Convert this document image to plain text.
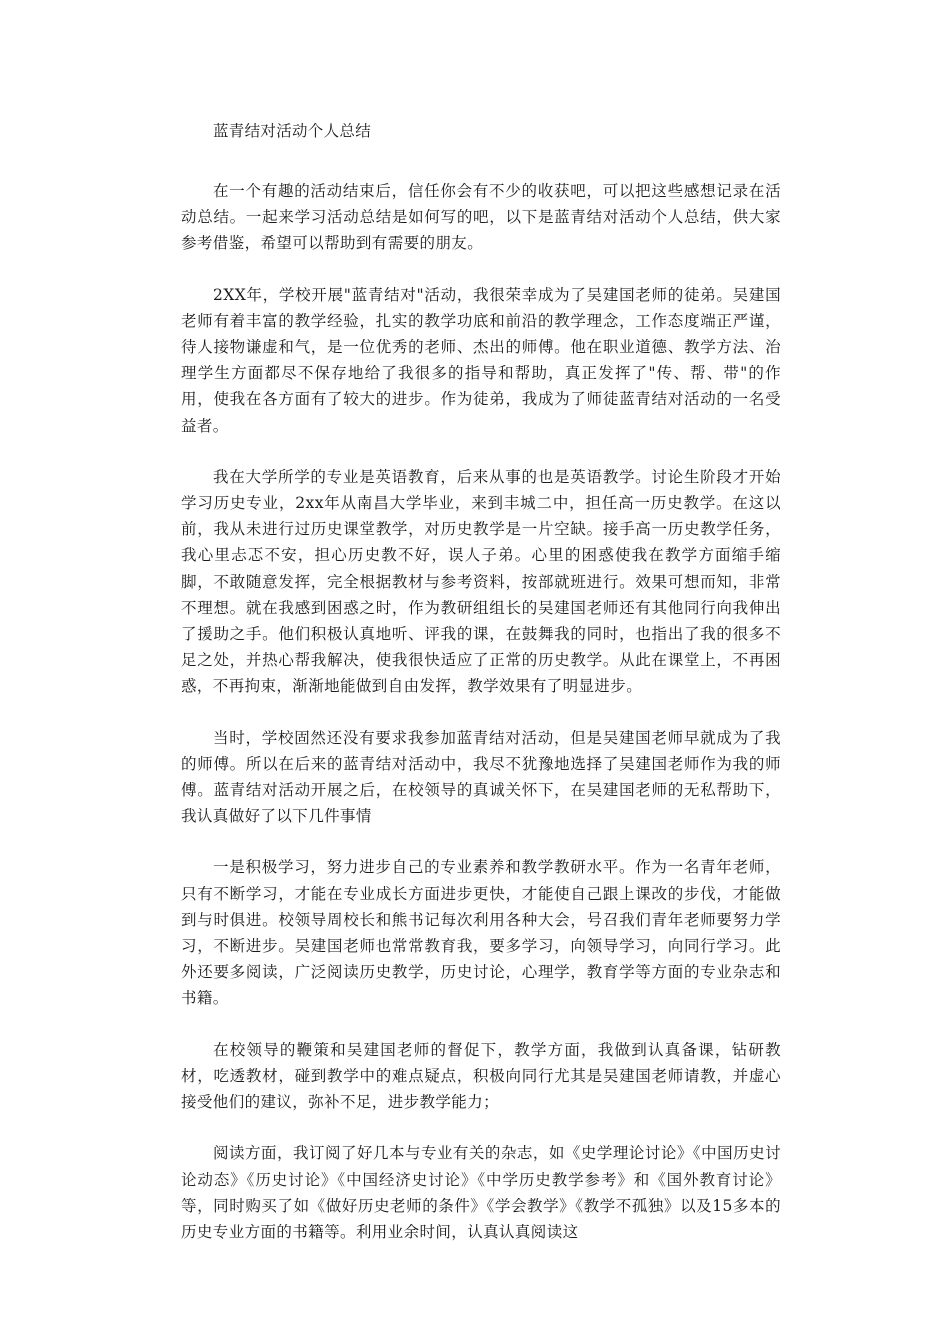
蓝青结对活动个人总结

在一个有趣的活动结束后，信任你会有不少的收获吧，可以把这些感想记录在活动总结。一起来学习活动总结是如何写的吧，以下是蓝青结对活动个人总结，供大家参考借鉴，希望可以帮助到有需要的朋友。

2XX年，学校开展"蓝青结对"活动，我很荣幸成为了吴建国老师的徒弟。吴建国老师有着丰富的教学经验，扎实的教学功底和前沿的教学理念，工作态度端正严谨，待人接物谦虚和气，是一位优秀的老师、杰出的师傅。他在职业道德、教学方法、治理学生方面都尽不保存地给了我很多的指导和帮助，真正发挥了"传、帮、带"的作用，使我在各方面有了较大的进步。作为徒弟，我成为了师徒蓝青结对活动的一名受益者。

我在大学所学的专业是英语教育，后来从事的也是英语教学。讨论生阶段才开始学习历史专业，2xx年从南昌大学毕业，来到丰城二中，担任高一历史教学。在这以前，我从未进行过历史课堂教学，对历史教学是一片空缺。接手高一历史教学任务，我心里忐忑不安，担心历史教不好，误人子弟。心里的困惑使我在教学方面缩手缩脚，不敢随意发挥，完全根据教材与参考资料，按部就班进行。效果可想而知，非常不理想。就在我感到困惑之时，作为教研组组长的吴建国老师还有其他同行向我伸出了援助之手。他们积极认真地听、评我的课，在鼓舞我的同时，也指出了我的很多不足之处，并热心帮我解决，使我很快适应了正常的历史教学。从此在课堂上，不再困惑，不再拘束，渐渐地能做到自由发挥，教学效果有了明显进步。

当时，学校固然还没有要求我参加蓝青结对活动，但是吴建国老师早就成为了我的师傅。所以在后来的蓝青结对活动中，我尽不犹豫地选择了吴建国老师作为我的师傅。蓝青结对活动开展之后，在校领导的真诚关怀下，在吴建国老师的无私帮助下，我认真做好了以下几件事情

一是积极学习，努力进步自己的专业素养和教学教研水平。作为一名青年老师，只有不断学习，才能在专业成长方面进步更快，才能使自己跟上课改的步伐，才能做到与时俱进。校领导周校长和熊书记每次利用各种大会，号召我们青年老师要努力学习，不断进步。吴建国老师也常常教育我，要多学习，向领导学习，向同行学习。此外还要多阅读，广泛阅读历史教学，历史讨论，心理学，教育学等方面的专业杂志和书籍。

在校领导的鞭策和吴建国老师的督促下，教学方面，我做到认真备课，钻研教材，吃透教材，碰到教学中的难点疑点，积极向同行尤其是吴建国老师请教，并虚心接受他们的建议，弥补不足，进步教学能力；

阅读方面，我订阅了好几本与专业有关的杂志，如《史学理论讨论》《中国历史讨论动态》《历史讨论》《中国经济史讨论》《中学历史教学参考》和《国外教育讨论》等，同时购买了如《做好历史老师的条件》《学会教学》《教学不孤独》以及15多本的历史专业方面的书籍等。利用业余时间，认真认真阅读这
